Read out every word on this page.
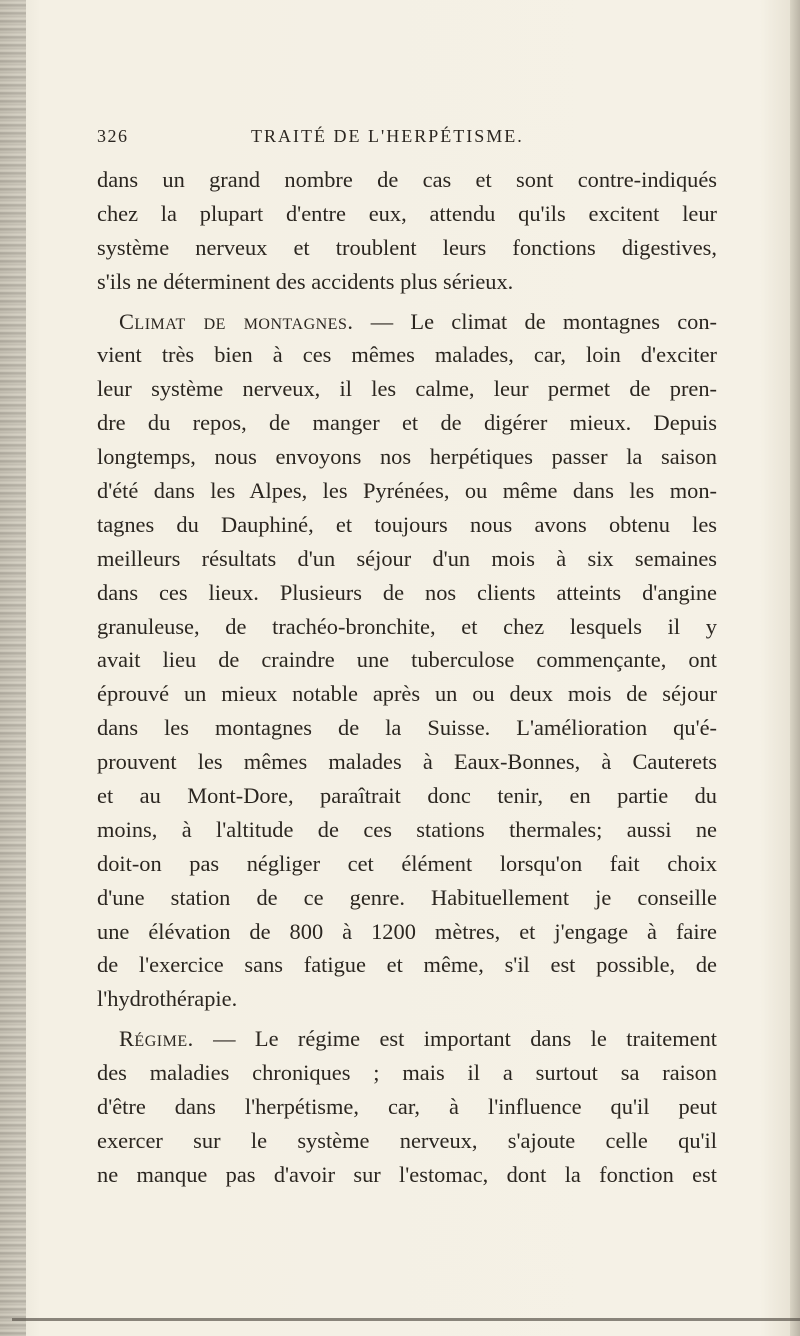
326	TRAITÉ DE L'HERPÉTISME.
dans un grand nombre de cas et sont contre-indiqués
chez la plupart d'entre eux, attendu qu'ils excitent leur
système nerveux et troublent leurs fonctions digestives,
s'ils ne déterminent des accidents plus sérieux.
Climat de montagnes. — Le climat de montagnes con-
vient très bien à ces mêmes malades, car, loin d'exciter
leur système nerveux, il les calme, leur permet de pren-
dre du repos, de manger et de digérer mieux. Depuis
longtemps, nous envoyons nos herpétiques passer la saison
d'été dans les Alpes, les Pyrénées, ou même dans les mon-
tagnes du Dauphiné, et toujours nous avons obtenu les
meilleurs résultats d'un séjour d'un mois à six semaines
dans ces lieux. Plusieurs de nos clients atteints d'angine
granuleuse, de trachéo-bronchite, et chez lesquels il y
avait lieu de craindre une tuberculose commençante, ont
éprouvé un mieux notable après un ou deux mois de séjour
dans les montagnes de la Suisse. L'amélioration qu'é-
prouvent les mêmes malades à Eaux-Bonnes, à Cauterets
et au Mont-Dore, paraîtrait donc tenir, en partie du
moins, à l'altitude de ces stations thermales; aussi ne
doit-on pas négliger cet élément lorsqu'on fait choix
d'une station de ce genre. Habituellement je conseille
une élévation de 800 à 1200 mètres, et j'engage à faire
de l'exercice sans fatigue et même, s'il est possible, de
l'hydrothérapie.
Régime. — Le régime est important dans le traitement
des maladies chroniques ; mais il a surtout sa raison
d'être dans l'herpétisme, car, à l'influence qu'il peut
exercer sur le système nerveux, s'ajoute celle qu'il
ne manque pas d'avoir sur l'estomac, dont la fonction est
